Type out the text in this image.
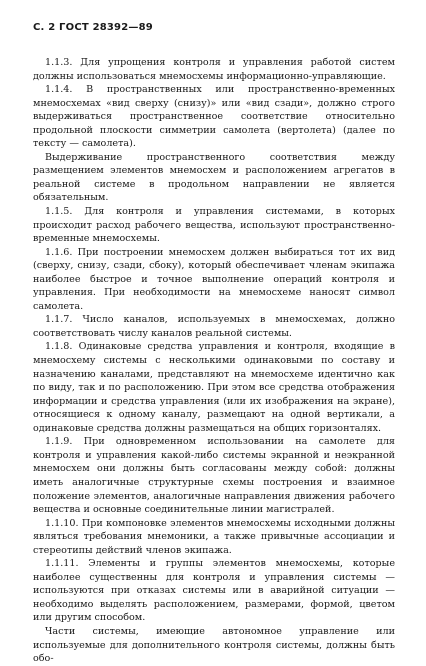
С. 2 ГОСТ 28392—89

1.1.3. Для упрощения контроля и управления работой систем должны использоваться мнемосхемы информационно-управляющие.

1.1.4. В пространственных или пространственно-временных мнемосхемах «вид сверху (снизу)» или «вид сзади», должно строго выдерживаться пространственное соответствие относительно продольной плоскости симметрии самолета (вертолета) (далее по тексту — самолета).

Выдерживание пространственного соответствия между размещением элементов мнемосхем и расположением агрегатов в реальной системе в продольном направлении не является обязательным.

1.1.5. Для контроля и управления системами, в которых происходит расход рабочего вещества, используют пространственно-временные мнемосхемы.

1.1.6. При построении мнемосхем должен выбираться тот их вид (сверху, снизу, сзади, сбоку), который обеспечивает членам экипажа наиболее быстрое и точное выполнение операций контроля и управления. При необходимости на мнемосхеме наносят символ самолета.

1.1.7. Число каналов, используемых в мнемосхемах, должно соответствовать числу каналов реальной системы.

1.1.8. Одинаковые средства управления и контроля, входящие в мнемосхему системы с несколькими одинаковыми по составу и назначению каналами, представляют на мнемосхеме идентично как по виду, так и по расположению. При этом все средства отображения информации и средства управления (или их изображения на экране), относящиеся к одному каналу, размещают на одной вертикали, а одинаковые средства должны размещаться на общих горизонталях.

1.1.9. При одновременном использовании на самолете для контроля и управления какой-либо системы экранной и неэкранной мнемосхем они должны быть согласованы между собой: должны иметь аналогичные структурные схемы построения и взаимное положение элементов, аналогичные направления движения рабочего вещества и основные соединительные линии магистралей.

1.1.10. При компоновке элементов мнемосхемы исходными должны являться требования мнемоники, а также привычные ассоциации и стереотипы действий членов экипажа.

1.1.11. Элементы и группы элементов мнемосхемы, которые наиболее существенны для контроля и управления системы — используются при отказах системы или в аварийной ситуации — необходимо выделять расположением, размерами, формой, цветом или другим способом.

Части системы, имеющие автономное управление или используемые для дополнительного контроля системы, должны быть обо-
